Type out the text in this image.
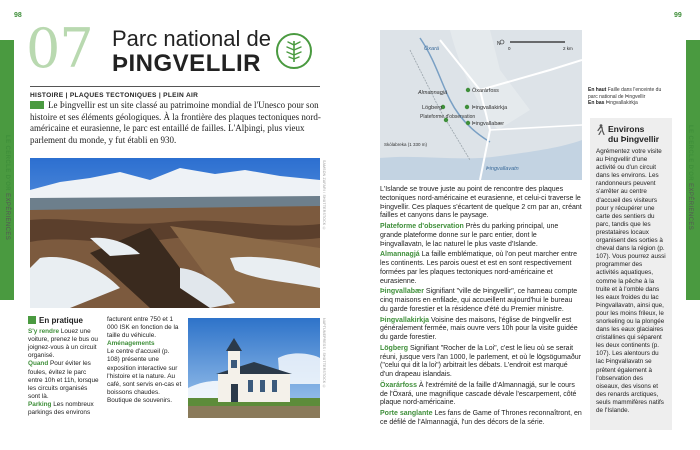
98	99
LE CERCLE D'OR EXPÉRIENCES
LE CERCLE D'OR EXPÉRIENCES
07 Parc national de
ÞINGVELLIR
HISTOIRE | PLAQUES TECTONIQUES | PLEIN AIR
Le Þingvellir est un site classé au patrimoine mondial de l'Unesco pour son histoire et ses éléments géologiques. À la frontière des plaques tectoniques nord-américaine et eurasienne, le parc est entaillé de failles. L'Alþingi, plus vieux parlement du monde, y fut établi en 930.
SAMSON ZAFARI / SHUTTERSTOCK ©
En pratique
S'y rendre Louez une voiture, prenez le bus ou joignez-vous à un circuit organisé.
Quand Pour éviter les foules, évitez le parc entre 10h et 11h, lorsque les circuits organisés sont là.
Parking Les nombreux parkings des environs
facturent entre 750 et 1 000 ISK en fonction de la taille du véhicule.
Aménagements
Le centre d'accueil (p. 108) présente une exposition interactive sur l'histoire et la nature. Au café, sont servis en-cas et boissons chaudes. Boutique de souvenirs.
NAPTUNEPRESS / SHUTTERSTOCK ©
N
0	2 km
Öxará
Almannagjá	Öxarárfoss
Lögberg	Þingvallakirkja
Plateforme d'observation
Þingvallabær
Skólabreka (1 330 m)
Þingvallavatn
En haut Faille dans l'enceinte du parc national de Þingvellir
En bas Þingvallakirkja

L'Islande se trouve juste au point de rencontre des plaques tectoniques nord-américaine et eurasienne, et celui-ci traverse le Þingvellir. Ces plaques s'écartent de quelque 2 cm par an, créant failles et canyons dans le paysage.

Plateforme d'observation Près du parking principal, une grande plateforme donne sur le parc entier, dont le Þingvallavatn, le lac naturel le plus vaste d'Islande.

Almannagjá La faille emblématique, où l'on peut marcher entre les continents. Les parois ouest et est en sont respectivement formées par les plaques tectoniques nord-américaine et eurasienne.

Þingvallabær Signifiant "ville de Þingvellir", ce hameau compte cinq maisons en enfilade, qui accueillent aujourd'hui le bureau du garde forestier et la résidence d'été du Premier ministre.

Þingvallakirkja Voisine des maisons, l'église de Þingvellir est généralement fermée, mais ouvre vers 10h pour la visite guidée du garde forestier.

Lögberg Signifiant "Rocher de la Loi", c'est le lieu où se serait réuni, jusque vers l'an 1000, le parlement, et où le lögsögumaður ("celui qui dit la loi") arbitrait les débats. L'endroit est marqué d'un drapeau islandais.

Öxarárfoss À l'extrémité de la faille d'Almannagjá, sur le cours de l'Öxará, une magnifique cascade dévale l'escarpement, côté plaque nord-américaine.

Porte sanglante Les fans de Game of Thrones reconnaîtront, en ce défilé de l'Almannagjá, l'un des décors de la série.

Environs
du Þingvellir
Agrémentez votre visite au Þingvellir d'une activité ou d'un circuit dans les environs. Les randonneurs peuvent s'arrêter au centre d'accueil des visiteurs pour y récupérer une carte des sentiers du parc, tandis que les prestataires locaux organisent des sorties à cheval dans la région (p. 107). Vous pourrez aussi programmer des activités aquatiques, comme la pêche à la truite et à l'omble dans les eaux froides du lac Þingvallavatn, ainsi que, pour les moins frileux, le snorkeling ou la plongée dans les eaux glaciaires cristallines qui séparent les deux continents (p. 107). Les alentours du lac Þingvallavatn se prêtent également à l'observation des oiseaux, des visons et des renards arctiques, seuls mammifères natifs de l'Islande.
